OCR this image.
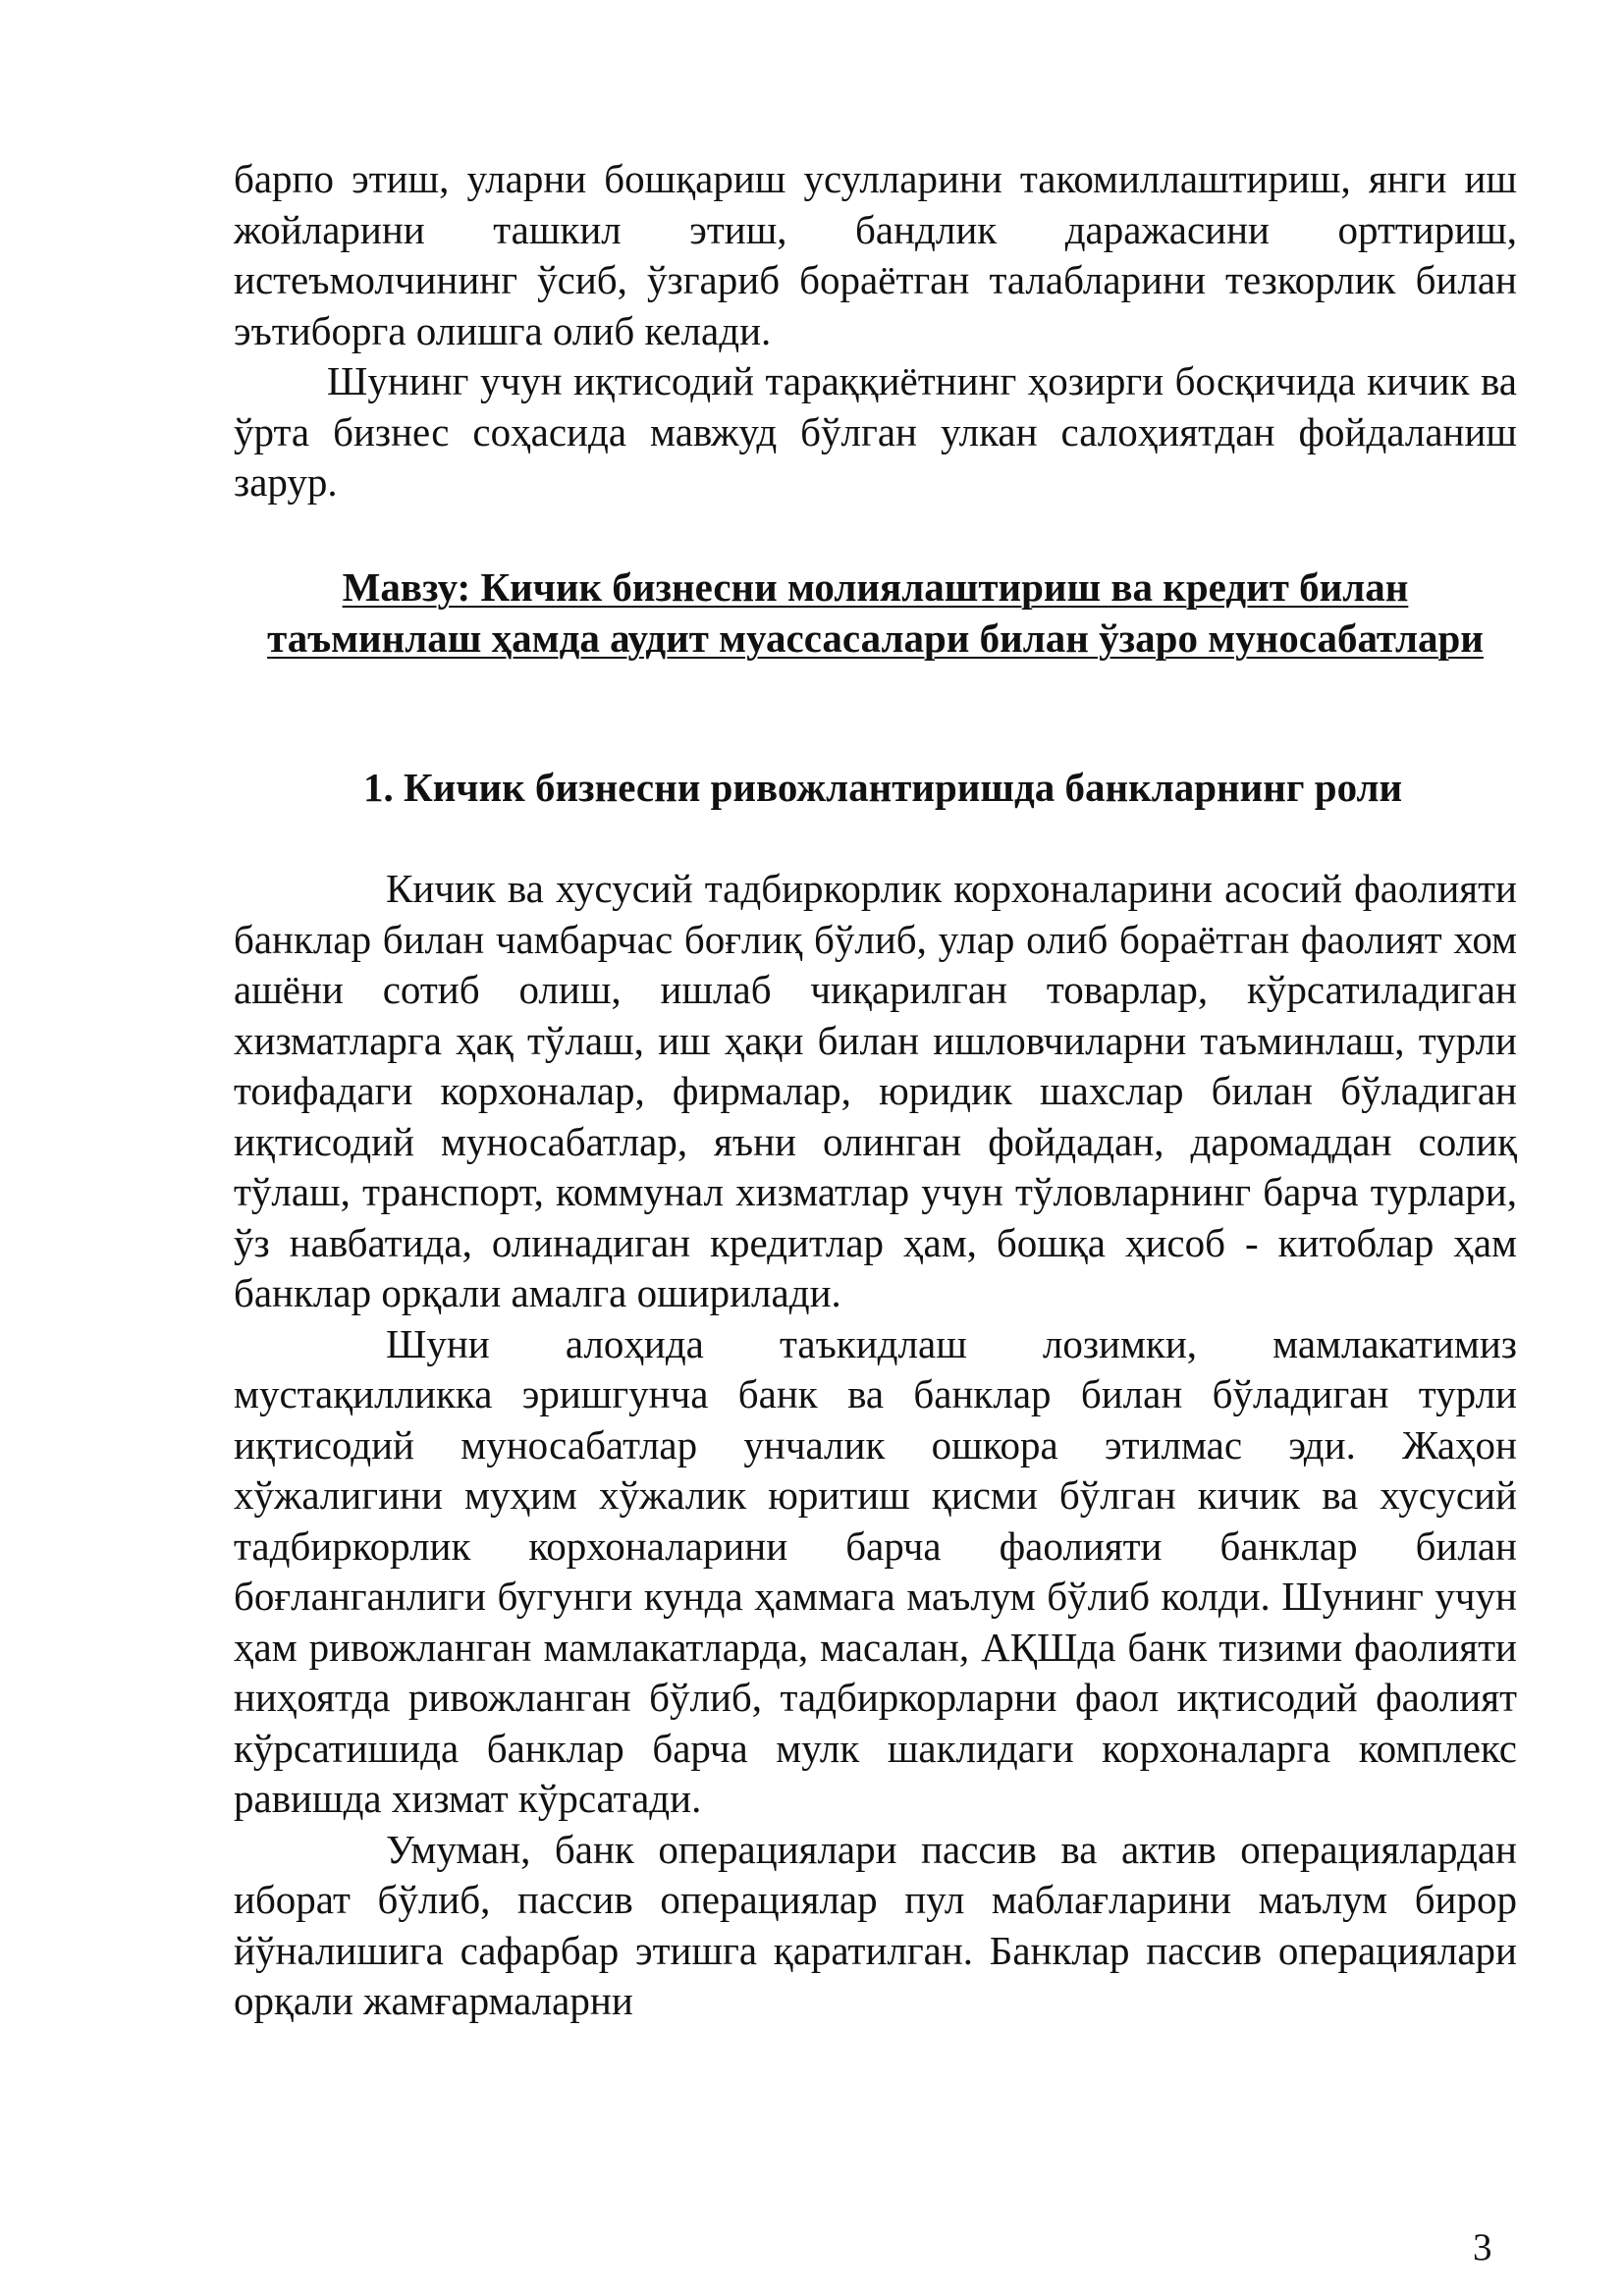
барпо этиш, уларни бошқариш усулларини такомиллаштириш, янги иш жойларини ташкил этиш, бандлик даражасини орттириш, истеъмолчининг ўсиб, ўзгариб бораётган талабларини тезкорлик билан эътиборга олишга олиб келади.

Шунинг учун иқтисодий тараққиётнинг ҳозирги босқичида кичик ва ўрта бизнес соҳасида мавжуд бўлган улкан салоҳиятдан фойдаланиш зарур.

Мавзу: Кичик бизнесни молиялаштириш ва кредит билан таъминлаш ҳамда аудит муассасалари билан ўзаро муносабатлари
1. Кичик бизнесни ривожлантиришда банкларнинг роли

Кичик ва хусусий тадбиркорлик корхоналарини асосий фаолияти банклар билан чамбарчас боғлиқ бўлиб, улар олиб бораётган фаолият хом ашёни сотиб олиш, ишлаб чиқарилган товарлар, кўрсатиладиган хизматларга ҳақ тўлаш, иш ҳақи билан ишловчиларни таъминлаш, турли тоифадаги корхоналар, фирмалар, юридик шахслар билан бўладиган иқтисодий муносабатлар, яъни олинган фойдадан, даромаддан солиқ тўлаш, транспорт, коммунал хизматлар учун тўловларнинг барча турлари, ўз навбатида, олинадиган кредитлар ҳам, бошқа ҳисоб - китоблар ҳам банклар орқали амалга оширилади.

Шуни алоҳида таъкидлаш лозимки, мамлакатимиз мустақилликка эришгунча банк ва банклар билан бўладиган турли иқтисодий муносабатлар унчалик ошкора этилмас эди. Жаҳон хўжалигини муҳим хўжалик юритиш қисми бўлган кичик ва хусусий тадбиркорлик корхоналарини барча фаолияти банклар билан боғланганлиги бугунги кунда ҳаммага маълум бўлиб колди. Шунинг учун ҳам ривожланган мамлакатларда, масалан, АҚШда банк тизими фаолияти ниҳоятда ривожланган бўлиб, тадбиркорларни фаол иқтисодий фаолият кўрсатишида банклар барча мулк шаклидаги корхоналарга комплекс равишда хизмат кўрсатади.

Умуман, банк операциялари пассив ва актив операциялардан иборат бўлиб, пассив операциялар пул маблағларини маълум бирор йўналишига сафарбар этишга қаратилган. Банклар пассив операциялари орқали жамғармаларни

3
